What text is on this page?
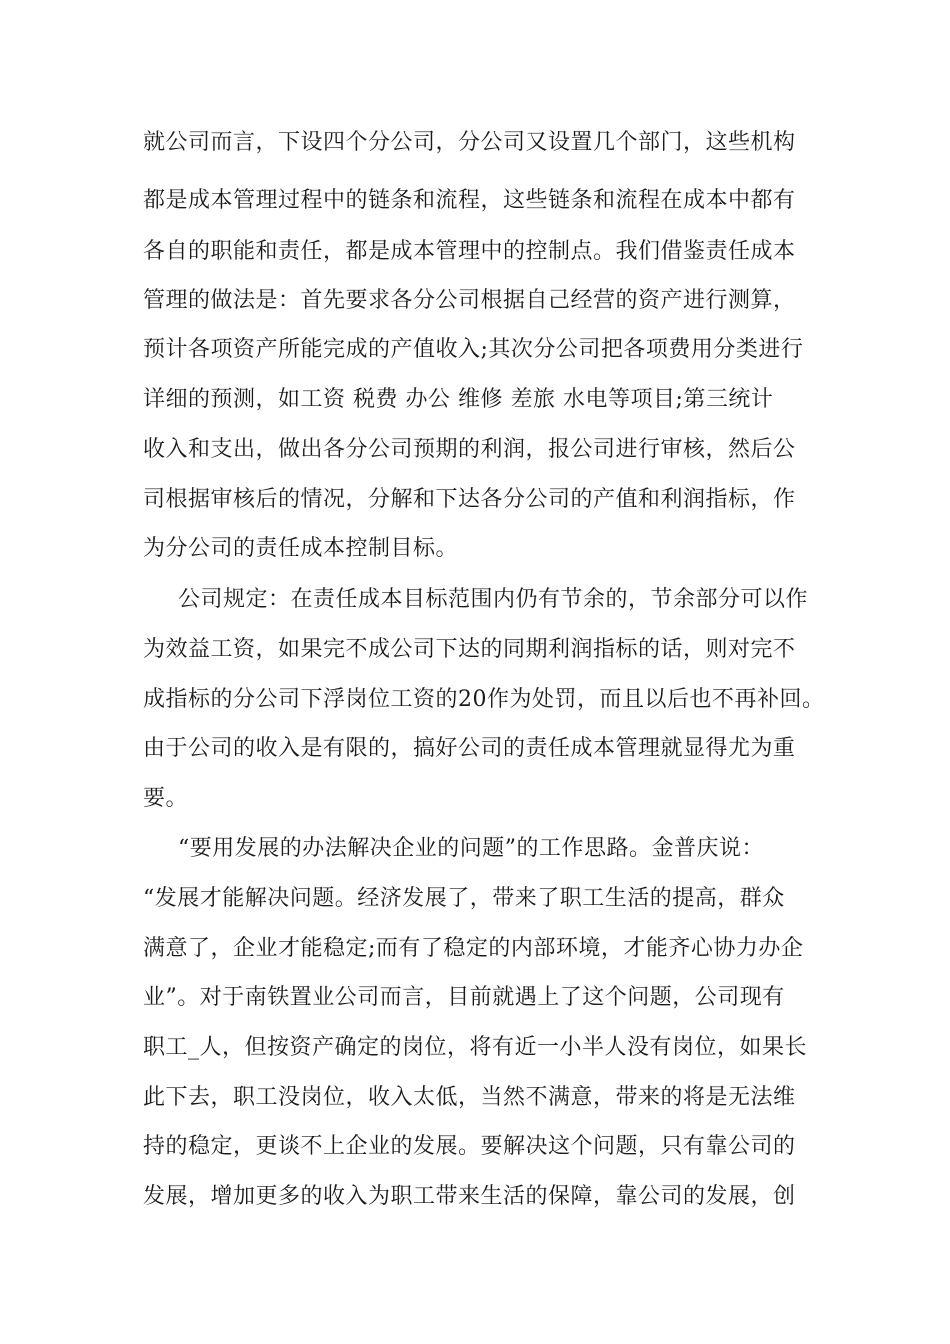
就公司而言，下设四个分公司，分公司又设置几个部门，这些机构
都是成本管理过程中的链条和流程，这些链条和流程在成本中都有
各自的职能和责任，都是成本管理中的控制点。我们借鉴责任成本
管理的做法是：首先要求各分公司根据自己经营的资产进行测算，
预计各项资产所能完成的产值收入;其次分公司把各项费用分类进行
详细的预测，如工资 税费 办公 维修 差旅 水电等项目;第三统计
收入和支出，做出各分公司预期的利润，报公司进行审核，然后公
司根据审核后的情况，分解和下达各分公司的产值和利润指标，作
为分公司的责任成本控制目标。
公司规定：在责任成本目标范围内仍有节余的，节余部分可以作
为效益工资，如果完不成公司下达的同期利润指标的话，则对完不
成指标的分公司下浮岗位工资的20作为处罚，而且以后也不再补回。
由于公司的收入是有限的，搞好公司的责任成本管理就显得尤为重
要。
“要用发展的办法解决企业的问题”的工作思路。金普庆说：
“发展才能解决问题。经济发展了，带来了职工生活的提高，群众
满意了，企业才能稳定;而有了稳定的内部环境，才能齐心协力办企
业”。对于南铁置业公司而言，目前就遇上了这个问题，公司现有
职工_人，但按资产确定的岗位，将有近一小半人没有岗位，如果长
此下去，职工没岗位，收入太低，当然不满意，带来的将是无法维
持的稳定，更谈不上企业的发展。要解决这个问题，只有靠公司的
发展，增加更多的收入为职工带来生活的保障，靠公司的发展，创
